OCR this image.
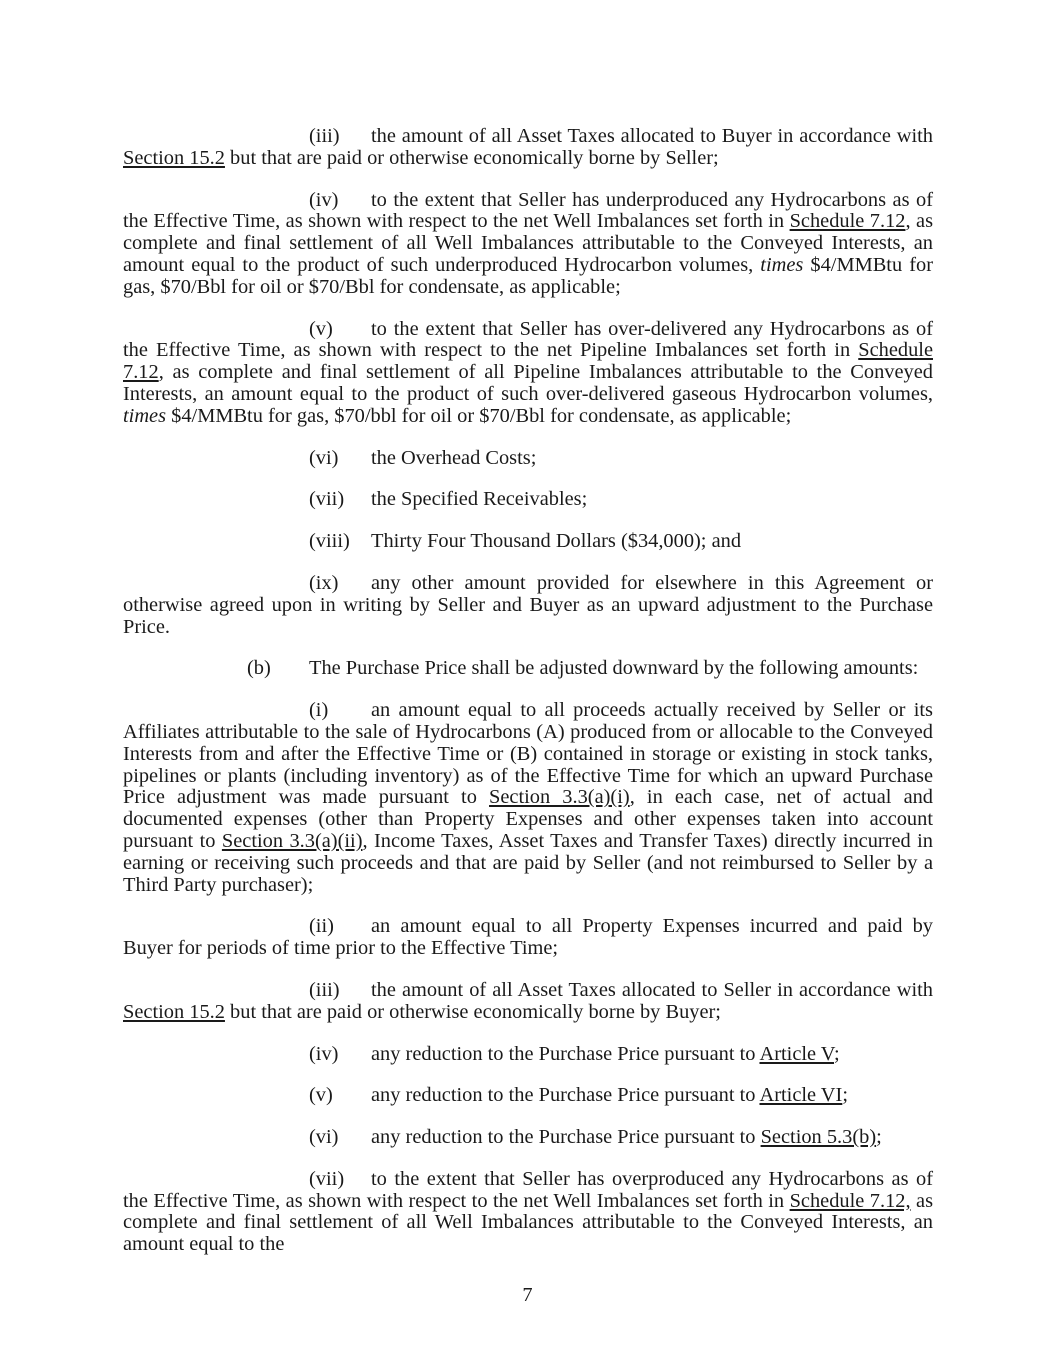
(iii) the amount of all Asset Taxes allocated to Buyer in accordance with Section 15.2 but that are paid or otherwise economically borne by Seller;

(iv) to the extent that Seller has underproduced any Hydrocarbons as of the Effective Time, as shown with respect to the net Well Imbalances set forth in Schedule 7.12, as complete and final settlement of all Well Imbalances attributable to the Conveyed Interests, an amount equal to the product of such underproduced Hydrocarbon volumes, times $4/MMBtu for gas, $70/Bbl for oil or $70/Bbl for condensate, as applicable;

(v) to the extent that Seller has over-delivered any Hydrocarbons as of the Effective Time, as shown with respect to the net Pipeline Imbalances set forth in Schedule 7.12, as complete and final settlement of all Pipeline Imbalances attributable to the Conveyed Interests, an amount equal to the product of such over-delivered gaseous Hydrocarbon volumes, times $4/MMBtu for gas, $70/bbl for oil or $70/Bbl for condensate, as applicable;

(vi) the Overhead Costs;

(vii) the Specified Receivables;

(viii) Thirty Four Thousand Dollars ($34,000); and

(ix) any other amount provided for elsewhere in this Agreement or otherwise agreed upon in writing by Seller and Buyer as an upward adjustment to the Purchase Price.

(b) The Purchase Price shall be adjusted downward by the following amounts:

(i) an amount equal to all proceeds actually received by Seller or its Affiliates attributable to the sale of Hydrocarbons (A) produced from or allocable to the Conveyed Interests from and after the Effective Time or (B) contained in storage or existing in stock tanks, pipelines or plants (including inventory) as of the Effective Time for which an upward Purchase Price adjustment was made pursuant to Section 3.3(a)(i), in each case, net of actual and documented expenses (other than Property Expenses and other expenses taken into account pursuant to Section 3.3(a)(ii), Income Taxes, Asset Taxes and Transfer Taxes) directly incurred in earning or receiving such proceeds and that are paid by Seller (and not reimbursed to Seller by a Third Party purchaser);

(ii) an amount equal to all Property Expenses incurred and paid by Buyer for periods of time prior to the Effective Time;

(iii) the amount of all Asset Taxes allocated to Seller in accordance with Section 15.2 but that are paid or otherwise economically borne by Buyer;

(iv) any reduction to the Purchase Price pursuant to Article V;

(v) any reduction to the Purchase Price pursuant to Article VI;

(vi) any reduction to the Purchase Price pursuant to Section 5.3(b);

(vii) to the extent that Seller has overproduced any Hydrocarbons as of the Effective Time, as shown with respect to the net Well Imbalances set forth in Schedule 7.12, as complete and final settlement of all Well Imbalances attributable to the Conveyed Interests, an amount equal to the

7
